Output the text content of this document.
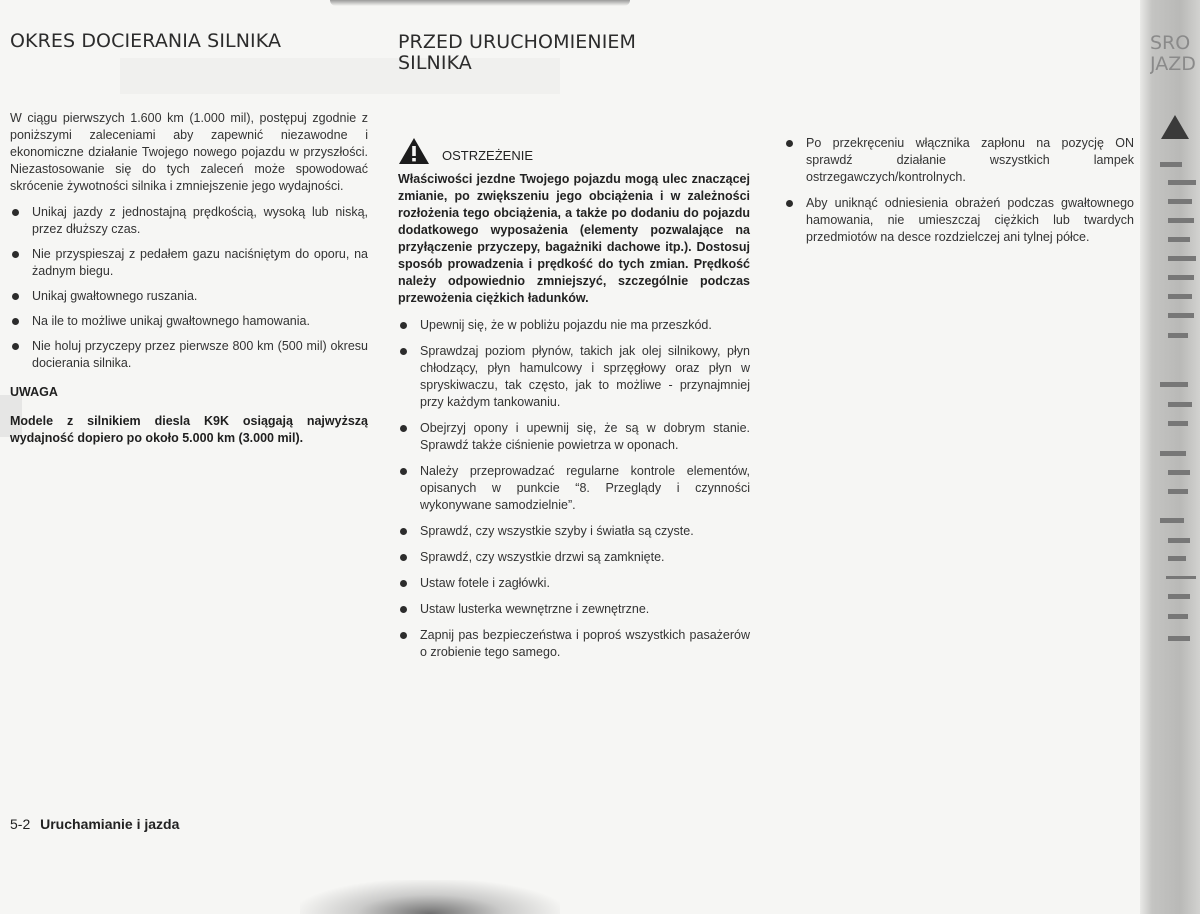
OKRES DOCIERANIA SILNIKA

W ciągu pierwszych 1.600 km (1.000 mil), postępuj zgodnie z poniższymi zaleceniami aby zapewnić niezawodne i ekonomiczne działanie Twojego nowego pojazdu w przyszłości. Niezastosowanie się do tych zaleceń może spowodować skrócenie żywotności silnika i zmniejszenie jego wydajności.

Unikaj jazdy z jednostajną prędkością, wysoką lub niską, przez dłuższy czas.
Nie przyspieszaj z pedałem gazu naciśniętym do oporu, na żadnym biegu.
Unikaj gwałtownego ruszania.
Na ile to możliwe unikaj gwałtownego hamowania.
Nie holuj przyczepy przez pierwsze 800 km (500 mil) okresu docierania silnika.
UWAGA

Modele z silnikiem diesla K9K osiągają najwyższą wydajność dopiero po około 5.000 km (3.000 mil).

PRZED URUCHOMIENIEM
SILNIKA
OSTRZEŻENIE

Właściwości jezdne Twojego pojazdu mogą ulec znaczącej zmianie, po zwiększeniu jego obciążenia i w zależności rozłożenia tego obciążenia, a także po dodaniu do pojazdu dodatkowego wyposażenia (elementy pozwalające na przyłączenie przyczepy, bagażniki dachowe itp.). Dostosuj sposób prowadzenia i prędkość do tych zmian. Prędkość należy odpowiednio zmniejszyć, szczególnie podczas przewożenia ciężkich ładunków.

Upewnij się, że w pobliżu pojazdu nie ma przeszkód.
Sprawdzaj poziom płynów, takich jak olej silnikowy, płyn chłodzący, płyn hamulcowy i sprzęgłowy oraz płyn w spryskiwaczu, tak często, jak to możliwe - przynajmniej przy każdym tankowaniu.
Obejrzyj opony i upewnij się, że są w dobrym stanie. Sprawdź także ciśnienie powietrza w oponach.
Należy przeprowadzać regularne kontrole elementów, opisanych w punkcie “8. Przeglądy i czynności wykonywane samodzielnie”.
Sprawdź, czy wszystkie szyby i światła są czyste.
Sprawdź, czy wszystkie drzwi są zamknięte.
Ustaw fotele i zagłówki.
Ustaw lusterka wewnętrzne i zewnętrzne.
Zapnij pas bezpieczeństwa i poproś wszystkich pasażerów o zrobienie tego samego.
Po przekręceniu włącznika zapłonu na pozycję ON sprawdź działanie wszystkich lampek ostrzegawczych/kontrolnych.
Aby uniknąć odniesienia obrażeń podczas gwałtownego hamowania, nie umieszczaj ciężkich lub twardych przedmiotów na desce rozdzielczej ani tylnej półce.
5-2 Uruchamianie i jazda
SRO
JAZD
